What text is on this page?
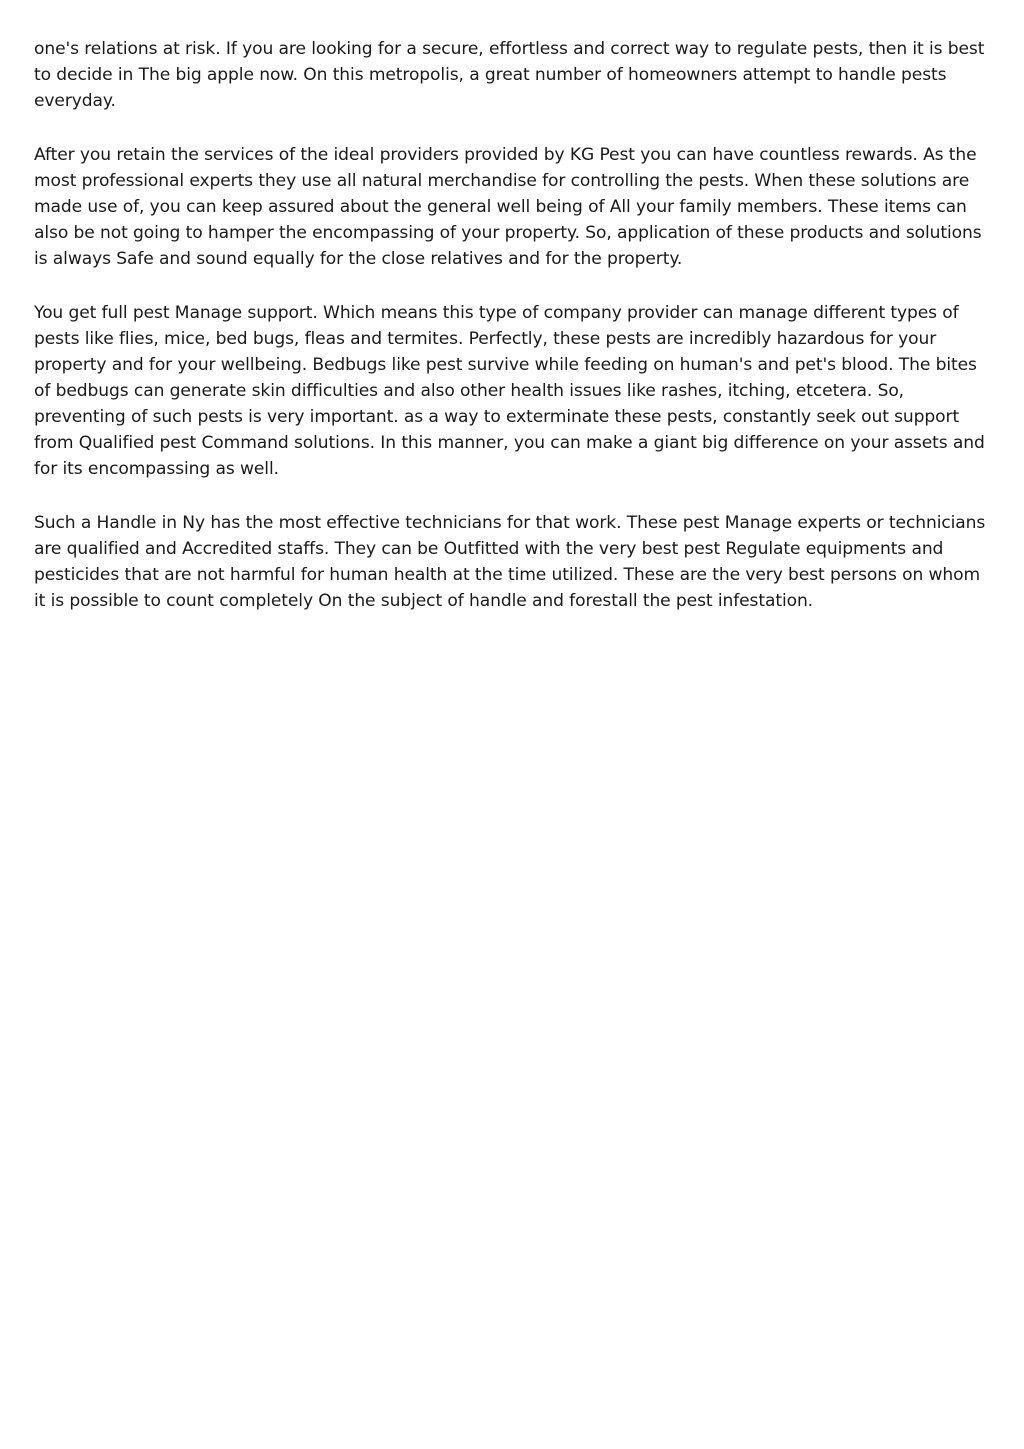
one's relations at risk. If you are looking for a secure, effortless and correct way to regulate pests, then it is best to decide in The big apple now. On this metropolis, a great number of homeowners attempt to handle pests everyday.

After you retain the services of the ideal providers provided by KG Pest you can have countless rewards. As the most professional experts they use all natural merchandise for controlling the pests. When these solutions are made use of, you can keep assured about the general well being of All your family members. These items can also be not going to hamper the encompassing of your property. So, application of these products and solutions is always Safe and sound equally for the close relatives and for the property.

You get full pest Manage support. Which means this type of company provider can manage different types of pests like flies, mice, bed bugs, fleas and termites. Perfectly, these pests are incredibly hazardous for your property and for your wellbeing. Bedbugs like pest survive while feeding on human's and pet's blood. The bites of bedbugs can generate skin difficulties and also other health issues like rashes, itching, etcetera. So, preventing of such pests is very important. as a way to exterminate these pests, constantly seek out support from Qualified pest Command solutions. In this manner, you can make a giant big difference on your assets and for its encompassing as well.

Such a Handle in Ny has the most effective technicians for that work. These pest Manage experts or technicians are qualified and Accredited staffs. They can be Outfitted with the very best pest Regulate equipments and pesticides that are not harmful for human health at the time utilized. These are the very best persons on whom it is possible to count completely On the subject of handle and forestall the pest infestation.
